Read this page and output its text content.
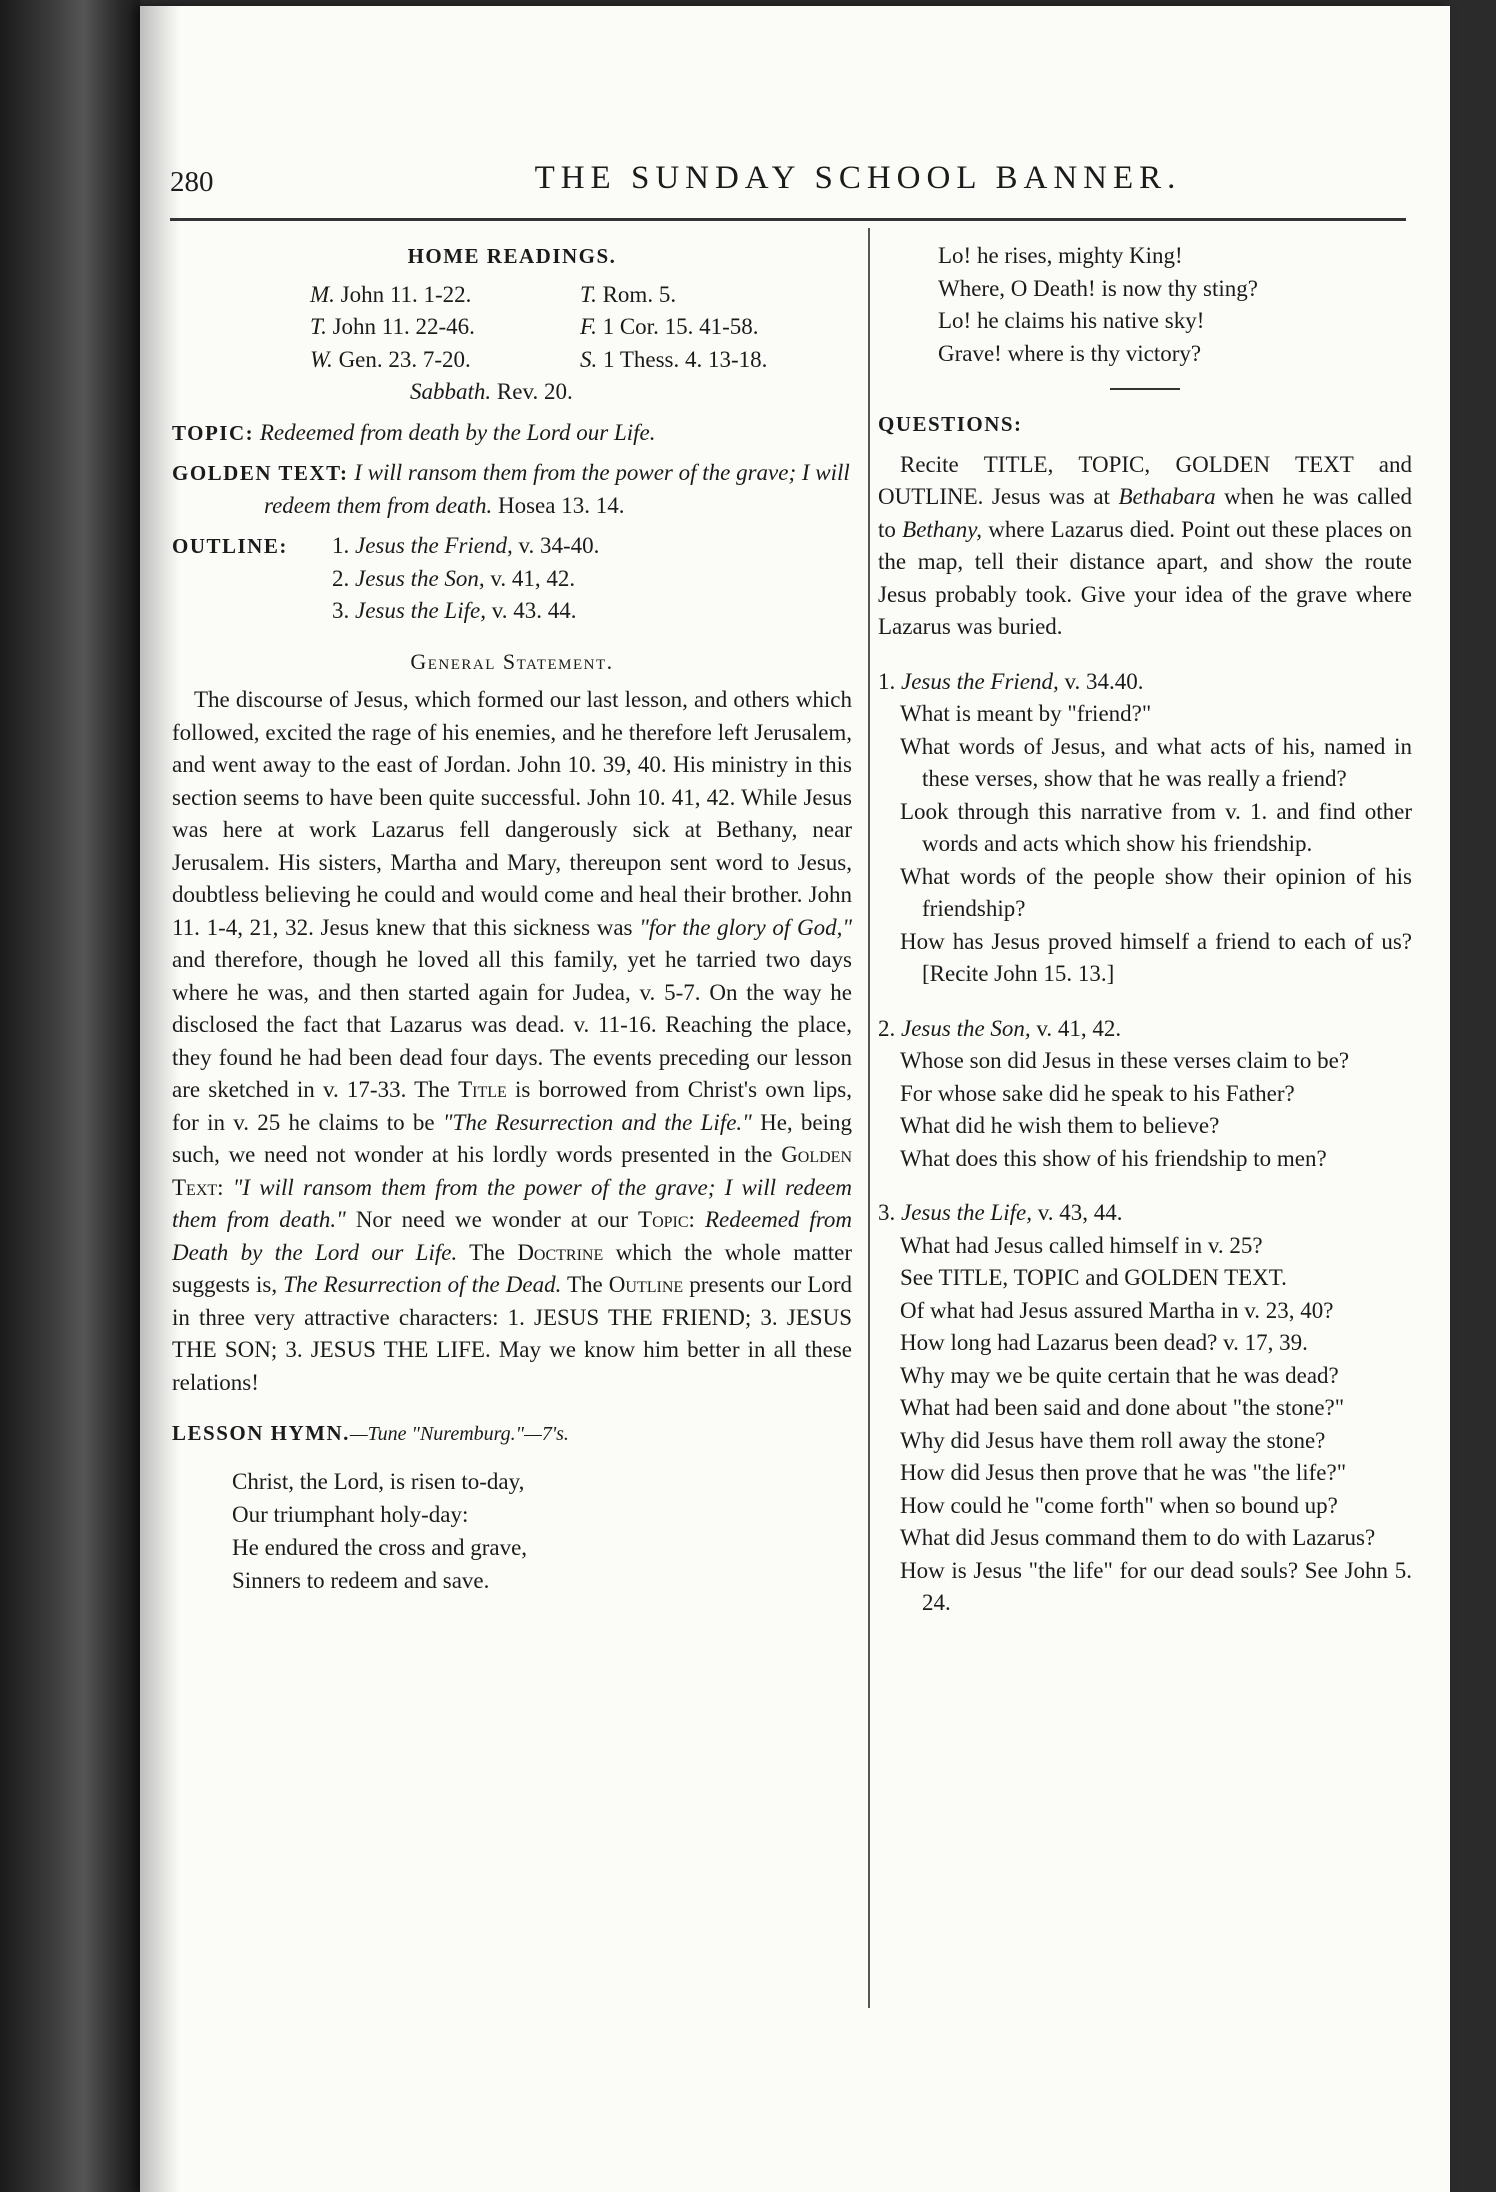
280	THE SUNDAY SCHOOL BANNER.
HOME READINGS.
M. John 11. 1-22.	T. Rom. 5.
T. John 11. 22-46.	F. 1 Cor. 15. 41-58.
W. Gen. 23. 7-20.	S. 1 Thess. 4. 13-18.
Sabbath. Rev. 20.
TOPIC: Redeemed from death by the Lord our Life.
GOLDEN TEXT: I will ransom them from the power of the grave; I will redeem them from death. Hosea 13. 14.
OUTLINE:	1. Jesus the Friend, v. 34-40.
2. Jesus the Son, v. 41, 42.
3. Jesus the Life, v. 43. 44.
General Statement.
The discourse of Jesus, which formed our last lesson, and others which followed, excited the rage of his enemies, and he therefore left Jerusalem, and went away to the east of Jordan. John 10. 39, 40. His ministry in this section seems to have been quite successful. John 10. 41, 42. While Jesus was here at work Lazarus fell dangerously sick at Bethany, near Jerusalem. His sisters, Martha and Mary, thereupon sent word to Jesus, doubtless believing he could and would come and heal their brother. John 11. 1-4, 21, 32. Jesus knew that this sickness was "for the glory of God," and therefore, though he loved all this family, yet he tarried two days where he was, and then started again for Judea, v. 5-7. On the way he disclosed the fact that Lazarus was dead. v. 11-16. Reaching the place, they found he had been dead four days. The events preceding our lesson are sketched in v. 17-33. The Title is borrowed from Christ's own lips, for in v. 25 he claims to be "The Resurrection and the Life." He, being such, we need not wonder at his lordly words presented in the Golden Text: "I will ransom them from the power of the grave; I will redeem them from death." Nor need we wonder at our Topic: Redeemed from Death by the Lord our Life. The Doctrine which the whole matter suggests is, The Resurrection of the Dead. The Outline presents our Lord in three very attractive characters: 1. JESUS THE FRIEND; 3. JESUS THE SON; 3. JESUS THE LIFE. May we know him better in all these relations!
LESSON HYMN.—Tune "Nuremburg."—7's.
Christ, the Lord, is risen to-day,
Our triumphant holy-day:
He endured the cross and grave,
Sinners to redeem and save.
Lo! he rises, mighty King!
Where, O Death! is now thy sting?
Lo! he claims his native sky!
Grave! where is thy victory?
QUESTIONS:
Recite TITLE, TOPIC, GOLDEN TEXT and OUTLINE. Jesus was at Bethabara when he was called to Bethany, where Lazarus died. Point out these places on the map, tell their distance apart, and show the route Jesus probably took. Give your idea of the grave where Lazarus was buried.
1. Jesus the Friend, v. 34.40.
What is meant by "friend?"
What words of Jesus, and what acts of his, named in these verses, show that he was really a friend?
Look through this narrative from v. 1. and find other words and acts which show his friendship.
What words of the people show their opinion of his friendship?
How has Jesus proved himself a friend to each of us? [Recite John 15. 13.]
2. Jesus the Son, v. 41, 42.
Whose son did Jesus in these verses claim to be?
For whose sake did he speak to his Father?
What did he wish them to believe?
What does this show of his friendship to men?
3. Jesus the Life, v. 43, 44.
What had Jesus called himself in v. 25?
See TITLE, TOPIC and GOLDEN TEXT.
Of what had Jesus assured Martha in v. 23, 40?
How long had Lazarus been dead? v. 17, 39.
Why may we be quite certain that he was dead?
What had been said and done about "the stone?"
Why did Jesus have them roll away the stone?
How did Jesus then prove that he was "the life?"
How could he "come forth" when so bound up?
What did Jesus command them to do with Lazarus?
How is Jesus "the life" for our dead souls? See John 5. 24.
